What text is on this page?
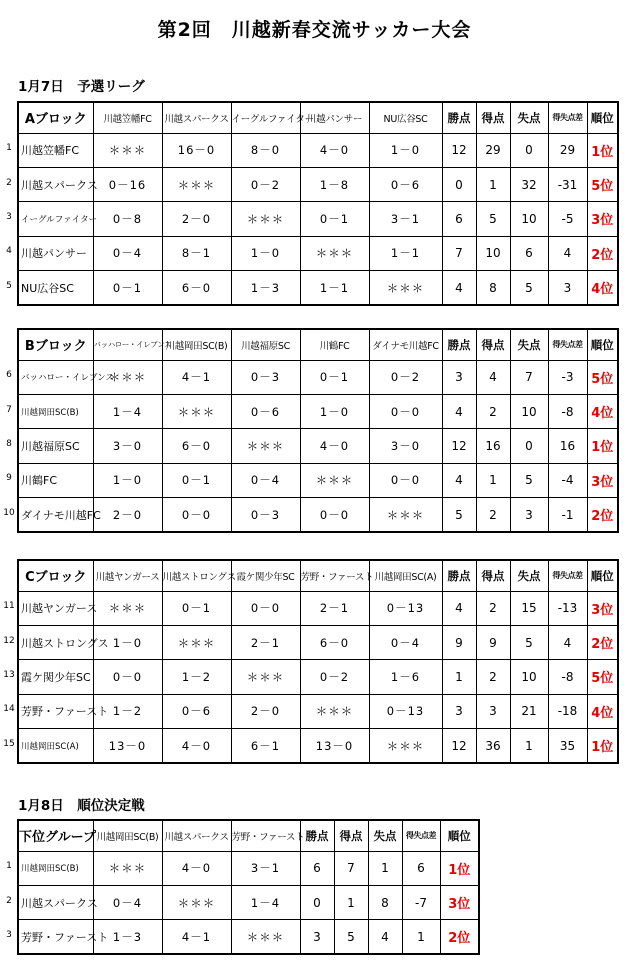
第2回　川越新春交流サッカー大会
1月7日　予選リーグ
1月8日　順位決定戦
1
2
3
4
5
Aブロック	川越笠幡FC	川越スパークス	イーグルファイター	川越パンサー	NU広谷SC	勝点	得点	失点	得失点差	順位
川越笠幡FC	＊＊＊	16－0	8－0	4－0	1－0	12	29	0	29	1位
川越スパークス	0－16	＊＊＊	0－2	1－8	0－6	0	1	32	-31	5位
イーグルファイター	0－8	2－0	＊＊＊	0－1	3－1	6	5	10	-5	3位
川越パンサー	0－4	8－1	1－0	＊＊＊	1－1	7	10	6	4	2位
NU広谷SC	0－1	6－0	1－3	1－1	＊＊＊	4	8	5	3	4位
6
7
8
9
10
Bブロック	バッハロー・イレブンス	川越岡田SC(B)	川越福原SC	川鶴FC	ダイナモ川越FC	勝点	得点	失点	得失点差	順位
バッハロー・イレブンス	＊＊＊	4－1	0－3	0－1	0－2	3	4	7	-3	5位
川越岡田SC(B)	1－4	＊＊＊	0－6	1－0	0－0	4	2	10	-8	4位
川越福原SC	3－0	6－0	＊＊＊	4－0	3－0	12	16	0	16	1位
川鶴FC	1－0	0－1	0－4	＊＊＊	0－0	4	1	5	-4	3位
ダイナモ川越FC	2－0	0－0	0－3	0－0	＊＊＊	5	2	3	-1	2位
11
12
13
14
15
Cブロック	川越ヤンガース	川越ストロングス	霞ケ関少年SC	芳野・ファースト	川越岡田SC(A)	勝点	得点	失点	得失点差	順位
川越ヤンガース	＊＊＊	0－1	0－0	2－1	0－13	4	2	15	-13	3位
川越ストロングス	1－0	＊＊＊	2－1	6－0	0－4	9	9	5	4	2位
霞ケ関少年SC	0－0	1－2	＊＊＊	0－2	1－6	1	2	10	-8	5位
芳野・ファースト	1－2	0－6	2－0	＊＊＊	0－13	3	3	21	-18	4位
川越岡田SC(A)	13－0	4－0	6－1	13－0	＊＊＊	12	36	1	35	1位
1
2
3
下位グループ	川越岡田SC(B)	川越スパークス	芳野・ファースト	勝点	得点	失点	得失点差	順位
川越岡田SC(B)	＊＊＊	4－0	3－1	6	7	1	6	1位
川越スパークス	0－4	＊＊＊	1－4	0	1	8	-7	3位
芳野・ファースト	1－3	4－1	＊＊＊	3	5	4	1	2位
